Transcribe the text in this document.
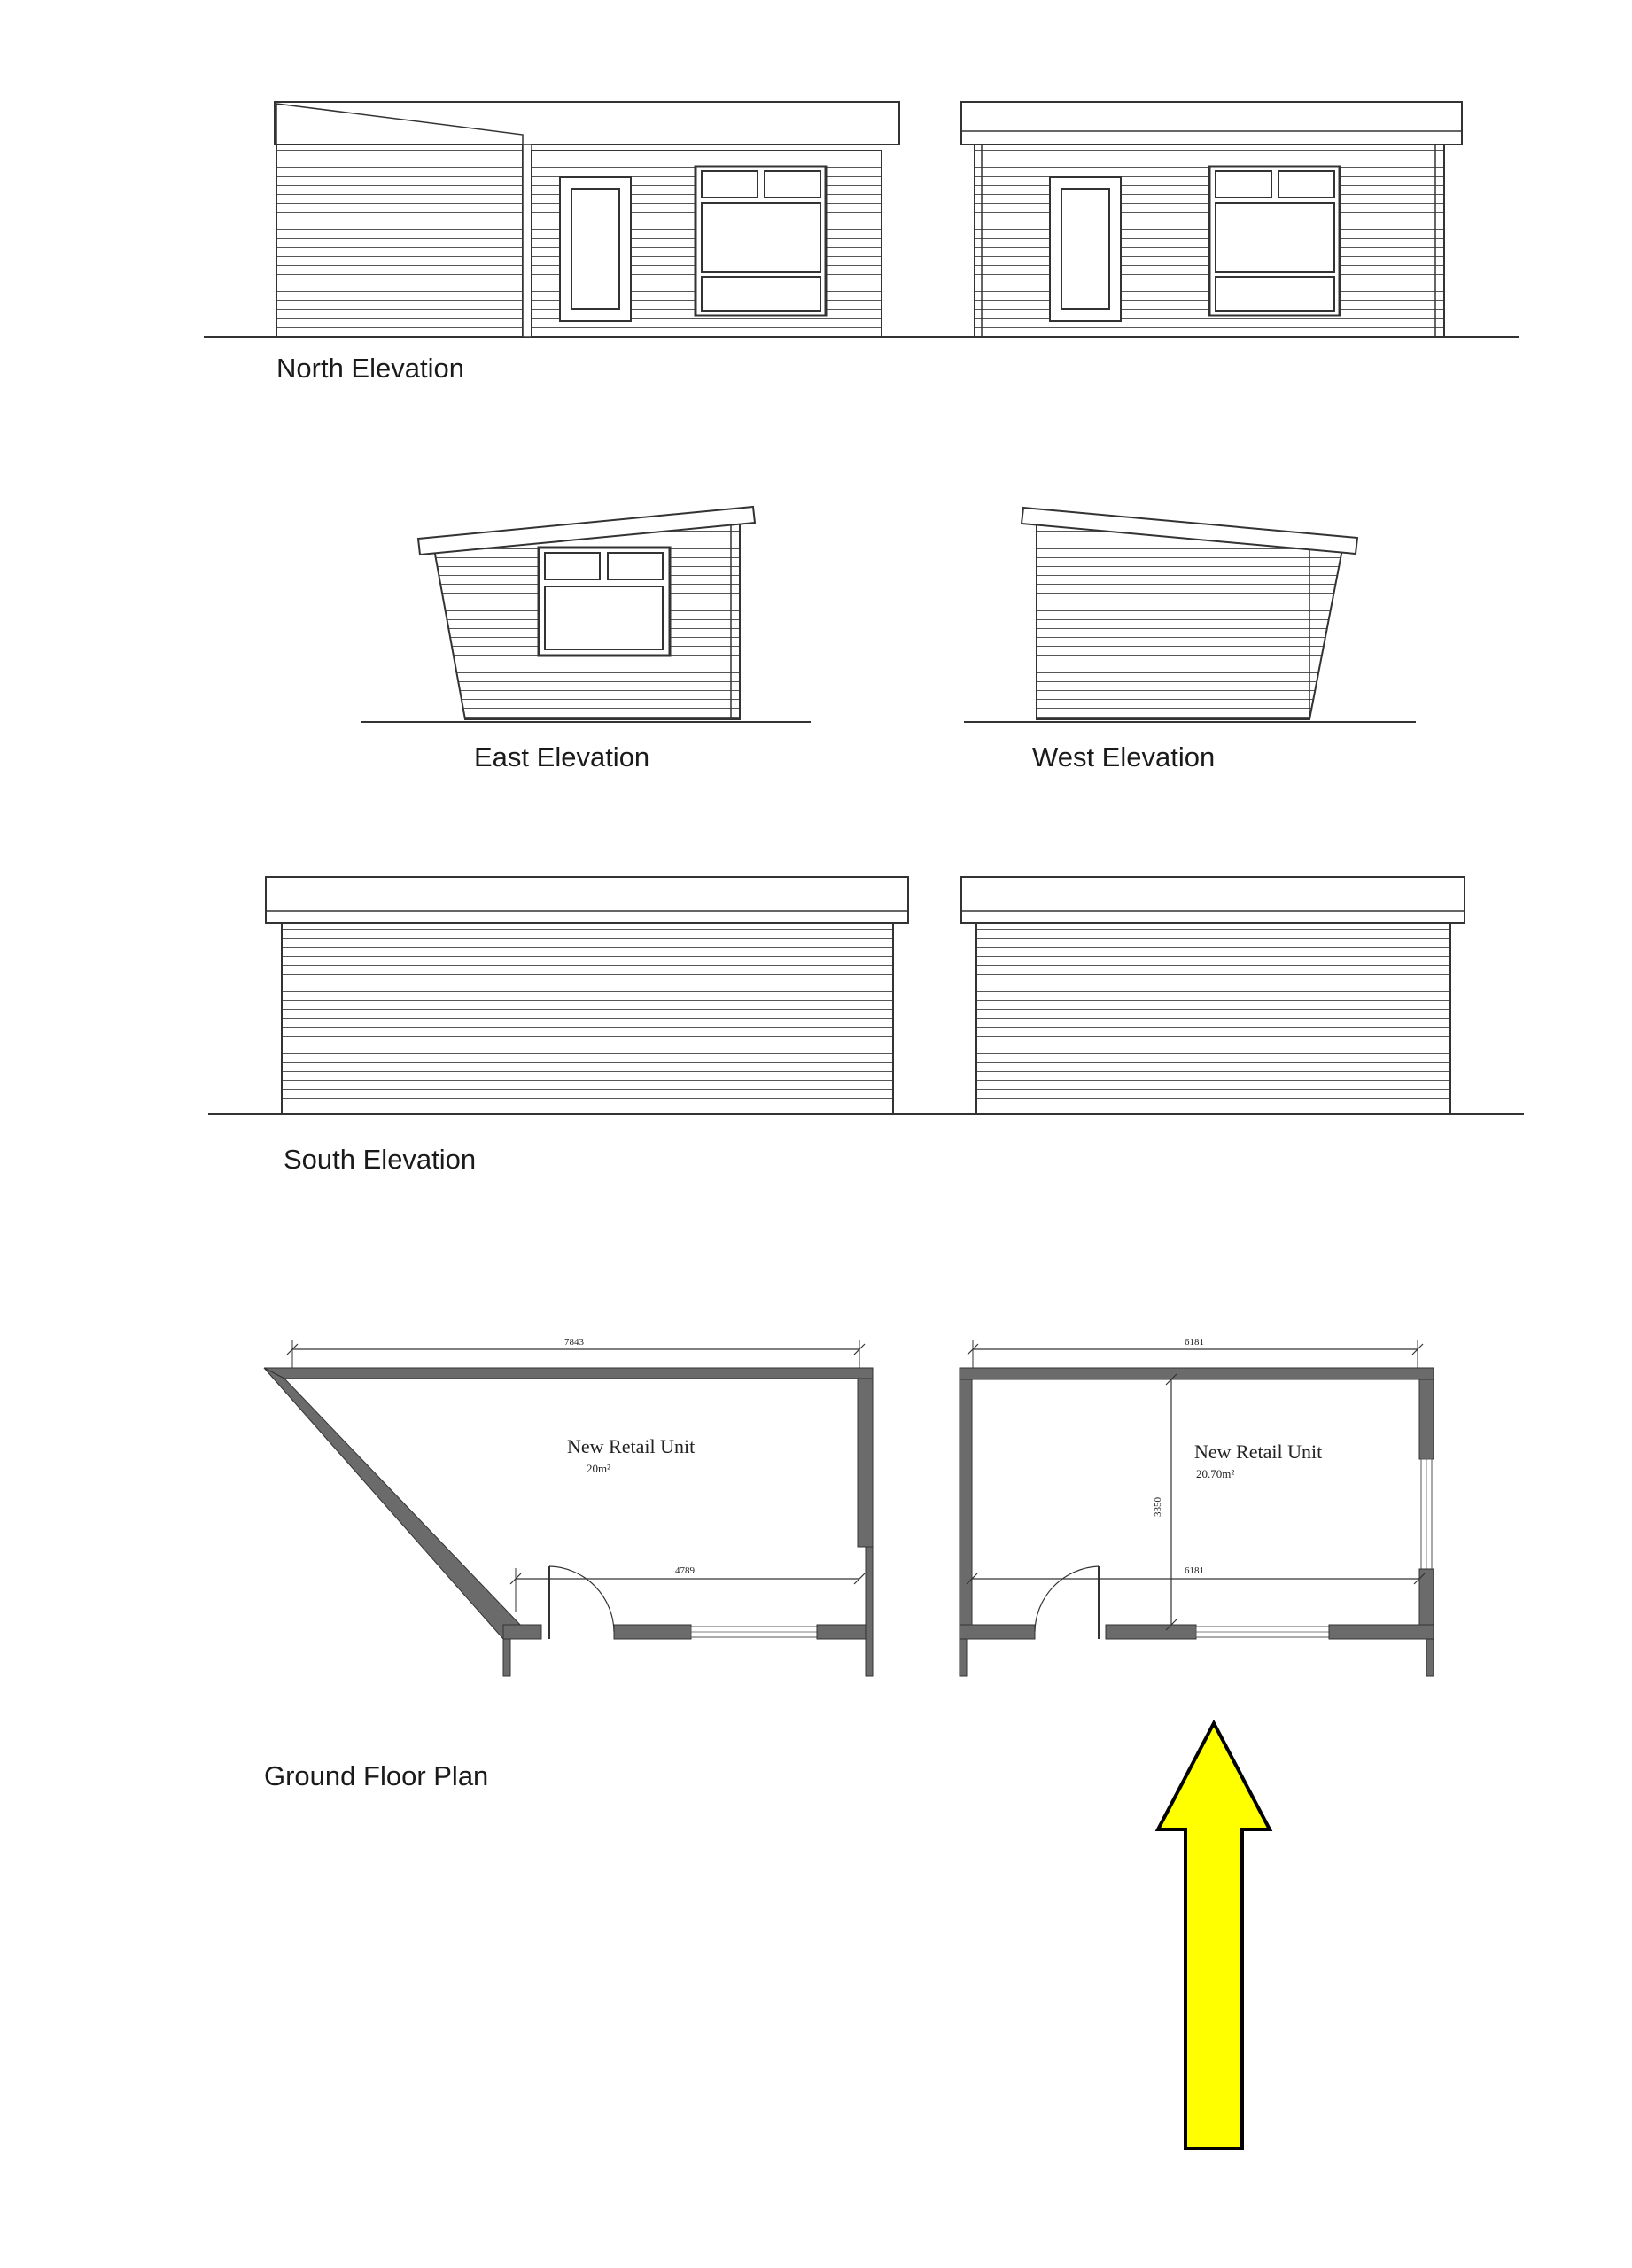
North Elevation
East Elevation	West Elevation
South Elevation
Ground Floor Plan
7843
New Retail Unit
20m²
4789
6181
New Retail Unit
20.70m²
6181
3350
